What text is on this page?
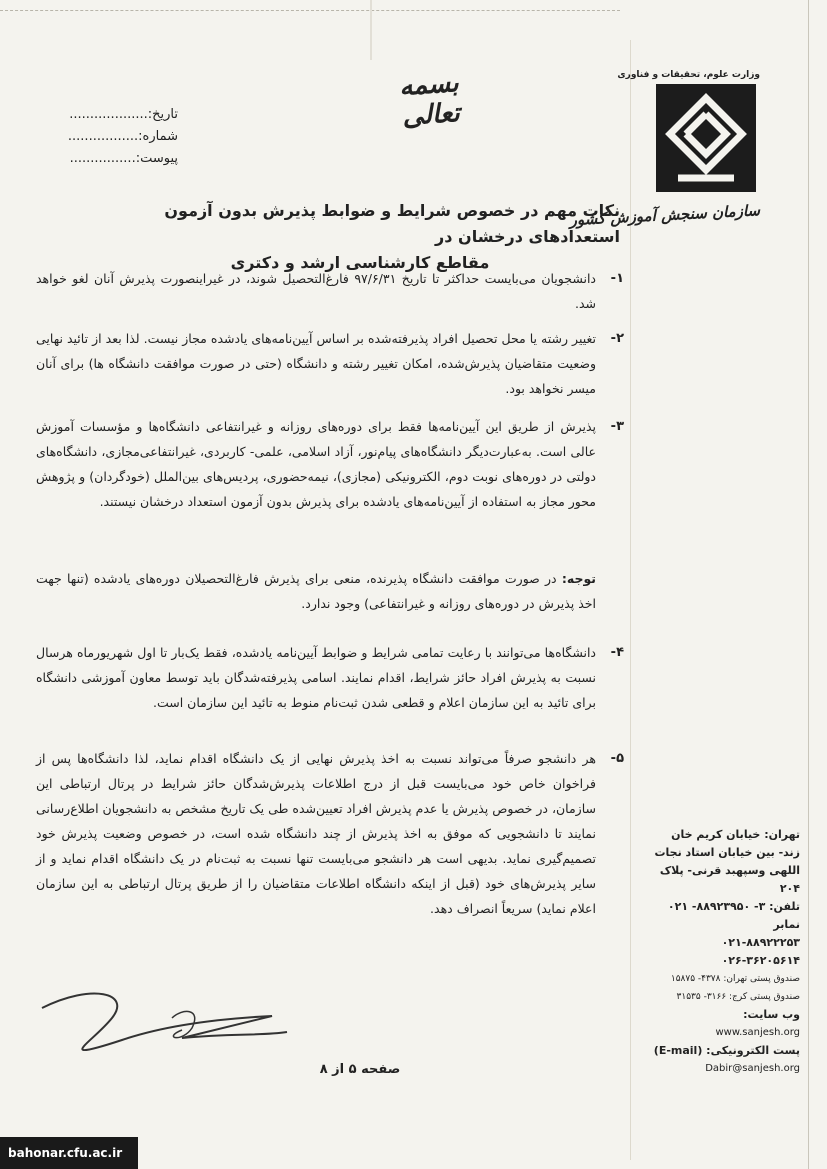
بسمه تعالی
تاریخ:...................
شماره:.................
پیوست:................
وزارت علوم، تحقیقات و فناوری
سازمان سنجش آموزش کشور
نکات مهم در خصوص شرایط و ضوابط پذیرش بدون آزمون استعدادهای درخشان در
مقاطع کارشناسی ارشد و دکتری
۱-
دانشجویان می‌بایست حداکثر تا تاریخ ۹۷/۶/۳۱ فارغ‌التحصیل شوند، در غیراینصورت پذیرش آنان لغو خواهد شد.
۲-
تغییر رشته یا محل تحصیل افراد پذیرفته‌شده بر اساس آیین‌نامه‌های یادشده مجاز نیست. لذا بعد از تائید نهایی وضعیت متقاضیان پذیرش‌شده، امکان تغییر رشته و دانشگاه (حتی در صورت موافقت دانشگاه ها) برای آنان میسر نخواهد بود.
۳-
پذیرش از طریق این آیین‌نامه‌ها فقط برای دوره‌های روزانه و غیرانتفاعی دانشگاه‌ها و مؤسسات آموزش عالی است. به‌عبارت‌دیگر دانشگاه‌های پیام‌نور، آزاد اسلامی، علمی- کاربردی، غیرانتفاعی‌مجازی، دانشگاه‌های دولتی در دوره‌های نوبت دوم، الکترونیکی (مجازی)، نیمه‌حضوری، پردیس‌های بین‌الملل (خودگردان) و پژوهش محور مجاز به استفاده از آیین‌نامه‌های یادشده برای پذیرش بدون آزمون استعداد درخشان نیستند.
توجه: در صورت موافقت دانشگاه پذیرنده، منعی برای پذیرش فارغ‌التحصیلان دوره‌های یادشده (تنها جهت اخذ پذیرش در دوره‌های روزانه و غیرانتفاعی) وجود ندارد.
۴-
دانشگاه‌ها می‌توانند با رعایت تمامی شرایط و ضوابط آیین‌نامه یادشده، فقط یک‌بار تا اول شهریورماه هرسال نسبت به پذیرش افراد حائز شرایط، اقدام نمایند. اسامی پذیرفته‌شدگان باید توسط معاون آموزشی دانشگاه برای تائید به این سازمان اعلام و قطعی شدن ثبت‌نام منوط به تائید این سازمان است.
۵-
هر دانشجو صرفاً می‌تواند نسبت به اخذ پذیرش نهایی از یک دانشگاه اقدام نماید، لذا دانشگاه‌ها پس از فراخوان خاص خود می‌بایست قبل از درج اطلاعات پذیرش‌شدگان حائز شرایط در پرتال ارتباطی این سازمان، در خصوص پذیرش یا عدم پذیرش افراد تعیین‌شده طی یک تاریخ مشخص به دانشجویان اطلاع‌رسانی نمایند تا دانشجویی که موفق به اخذ پذیرش از چند دانشگاه شده است، در خصوص وضعیت پذیرش خود تصمیم‌گیری نماید. بدیهی است هر دانشجو می‌بایست تنها نسبت به ثبت‌نام در یک دانشگاه اقدام نماید و از سایر پذیرش‌های خود (قبل از اینکه دانشگاه اطلاعات متقاضیان را از طریق پرتال ارتباطی به این سازمان اعلام نماید) سریعاً انصراف دهد.
تهران: خیابان کریم خان زند- بین خیابان استاد نجات اللهی وسپهبد قرنی- پلاک ۲۰۴
تلفن: ۳- ۸۸۹۲۳۹۵۰- ۰۲۱
نمابر
۰۲۱-۸۸۹۲۲۲۵۳
۰۲۶-۳۶۲۰۵۶۱۴
صندوق پستی تهران: ۴۳۷۸- ۱۵۸۷۵
صندوق پستی کرج: ۳۱۶۶- ۳۱۵۳۵
وب سایت:
www.sanjesh.org
پست الکترونیکی: (E-mail)
Dabir@sanjesh.org
صفحه ۵ از ۸
bahonar.cfu.ac.ir
